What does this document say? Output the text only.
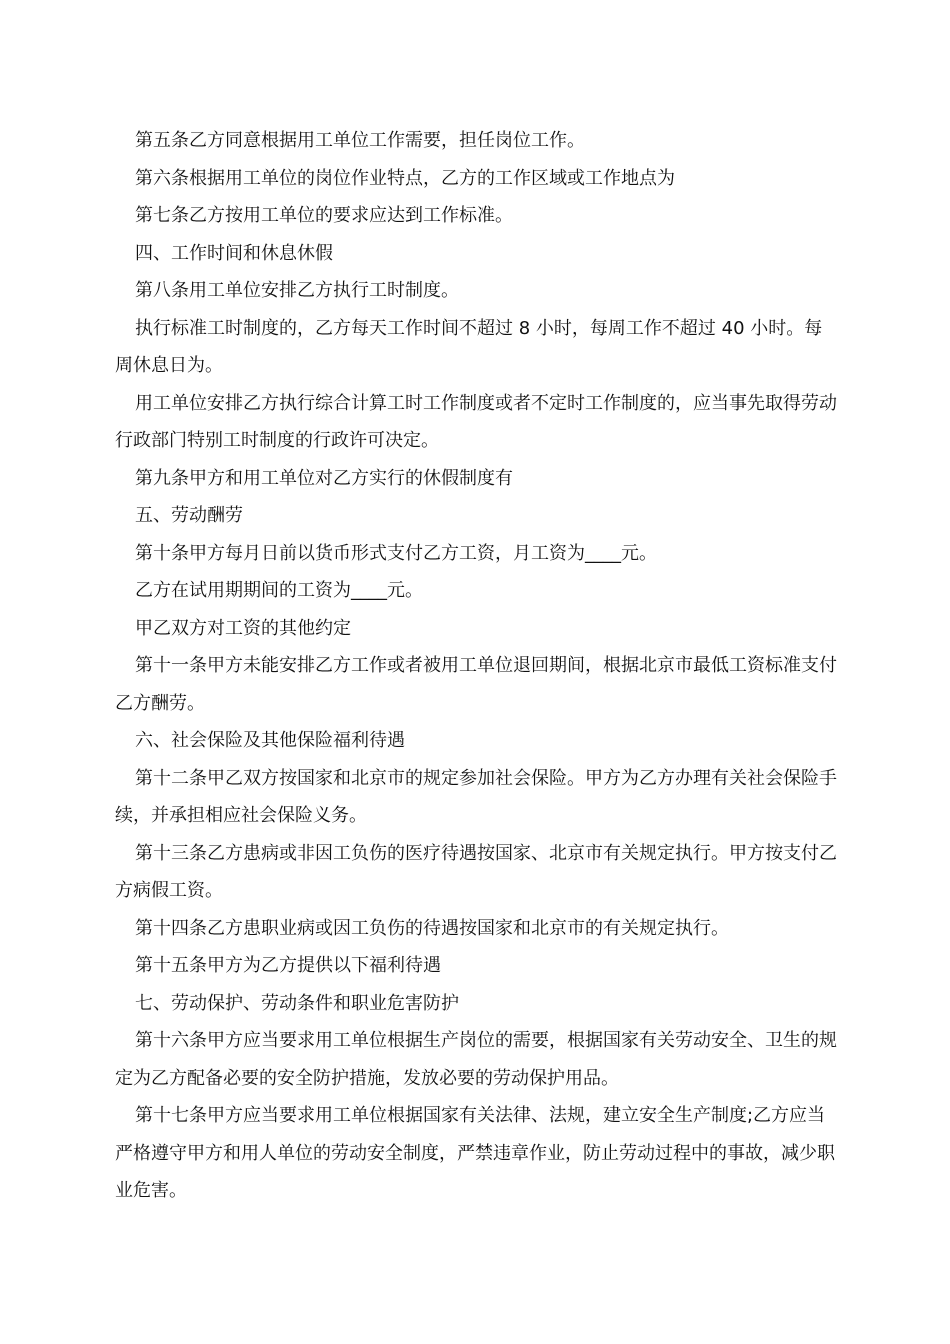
第五条乙方同意根据用工单位工作需要，担任岗位工作。

第六条根据用工单位的岗位作业特点，乙方的工作区域或工作地点为

第七条乙方按用工单位的要求应达到工作标准。

四、工作时间和休息休假

第八条用工单位安排乙方执行工时制度。

执行标准工时制度的，乙方每天工作时间不超过 8 小时，每周工作不超过 40 小时。每周休息日为。

用工单位安排乙方执行综合计算工时工作制度或者不定时工作制度的，应当事先取得劳动行政部门特别工时制度的行政许可决定。

第九条甲方和用工单位对乙方实行的休假制度有

五、劳动酬劳

第十条甲方每月日前以货币形式支付乙方工资，月工资为____元。

乙方在试用期期间的工资为____元。

甲乙双方对工资的其他约定

第十一条甲方未能安排乙方工作或者被用工单位退回期间，根据北京市最低工资标准支付乙方酬劳。

六、社会保险及其他保险福利待遇

第十二条甲乙双方按国家和北京市的规定参加社会保险。甲方为乙方办理有关社会保险手续，并承担相应社会保险义务。

第十三条乙方患病或非因工负伤的医疗待遇按国家、北京市有关规定执行。甲方按支付乙方病假工资。

第十四条乙方患职业病或因工负伤的待遇按国家和北京市的有关规定执行。

第十五条甲方为乙方提供以下福利待遇

七、劳动保护、劳动条件和职业危害防护

第十六条甲方应当要求用工单位根据生产岗位的需要，根据国家有关劳动安全、卫生的规定为乙方配备必要的安全防护措施，发放必要的劳动保护用品。

第十七条甲方应当要求用工单位根据国家有关法律、法规，建立安全生产制度;乙方应当严格遵守甲方和用人单位的劳动安全制度，严禁违章作业，防止劳动过程中的事故，减少职业危害。
